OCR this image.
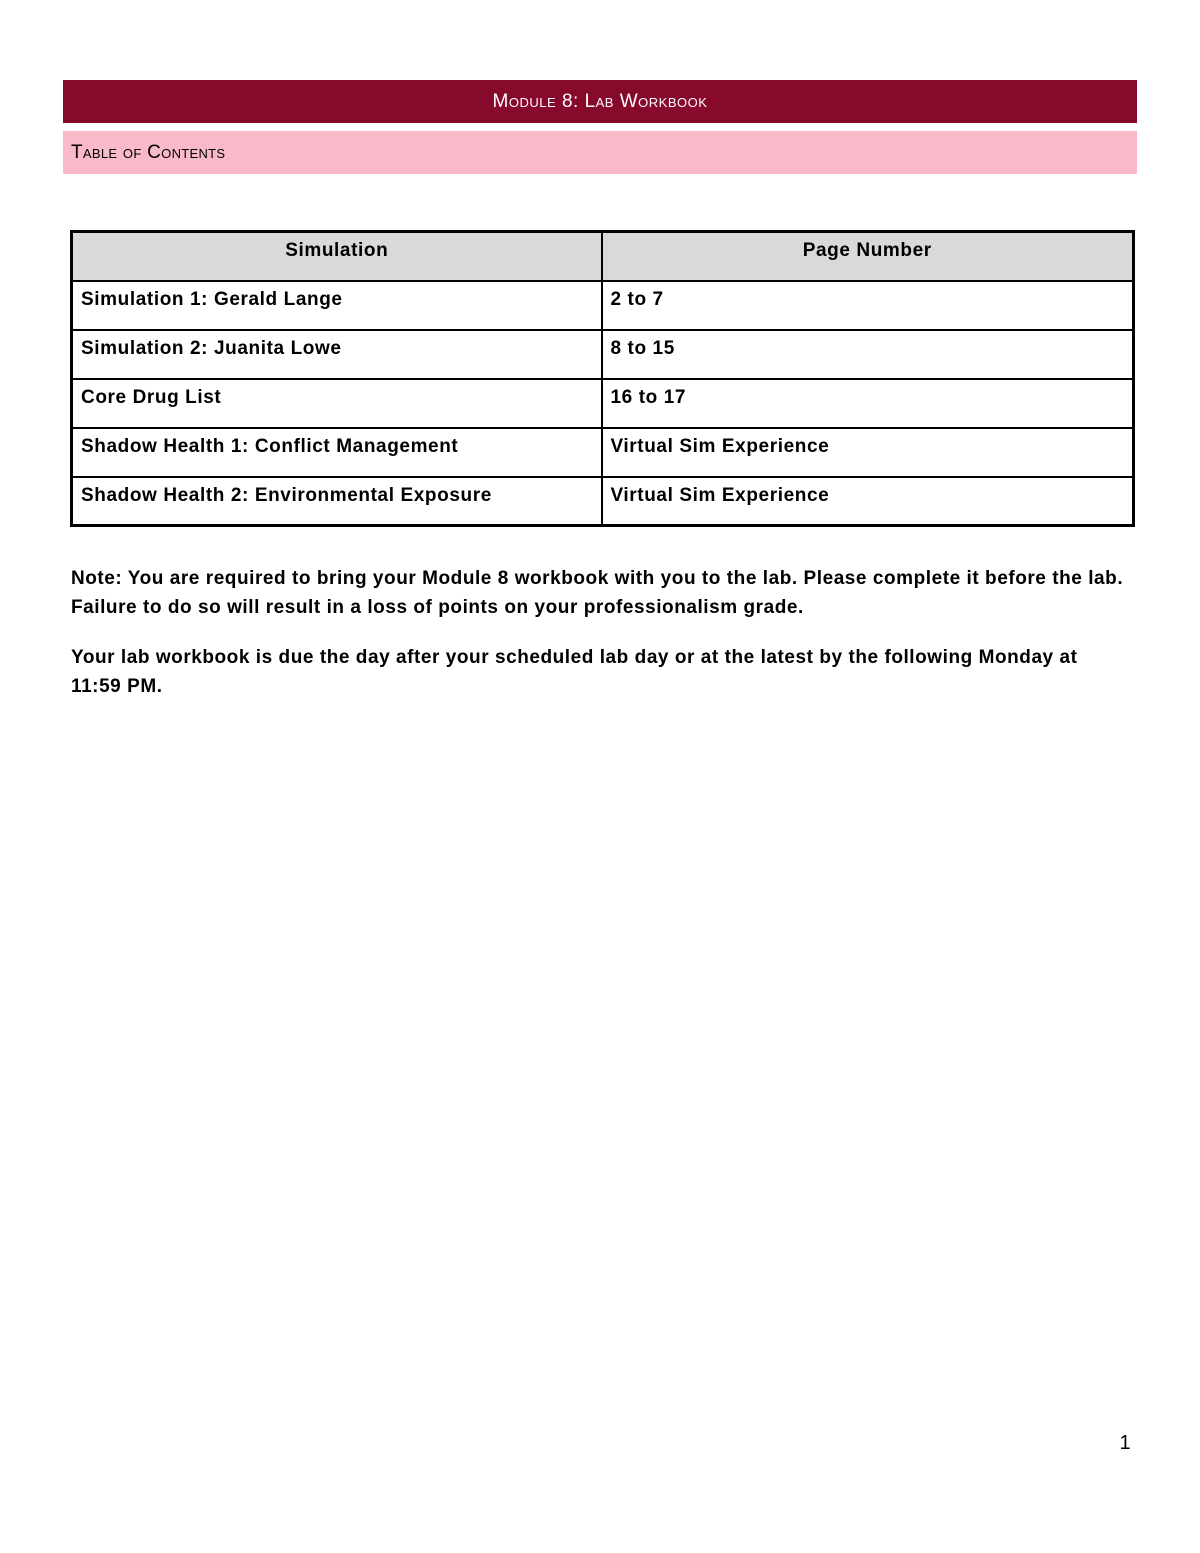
Module 8: Lab Workbook
Table of Contents
Simulation	Page Number
Simulation 1: Gerald Lange	2 to 7
Simulation 2: Juanita Lowe	8 to 15
Core Drug List	16 to 17
Shadow Health 1: Conflict Management	Virtual Sim Experience
Shadow Health 2: Environmental Exposure	Virtual Sim Experience

Note: You are required to bring your Module 8 workbook with you to the lab. Please complete it before the lab. Failure to do so will result in a loss of points on your professionalism grade.

Your lab workbook is due the day after your scheduled lab day or at the latest by the following Monday at 11:59 PM.

1
